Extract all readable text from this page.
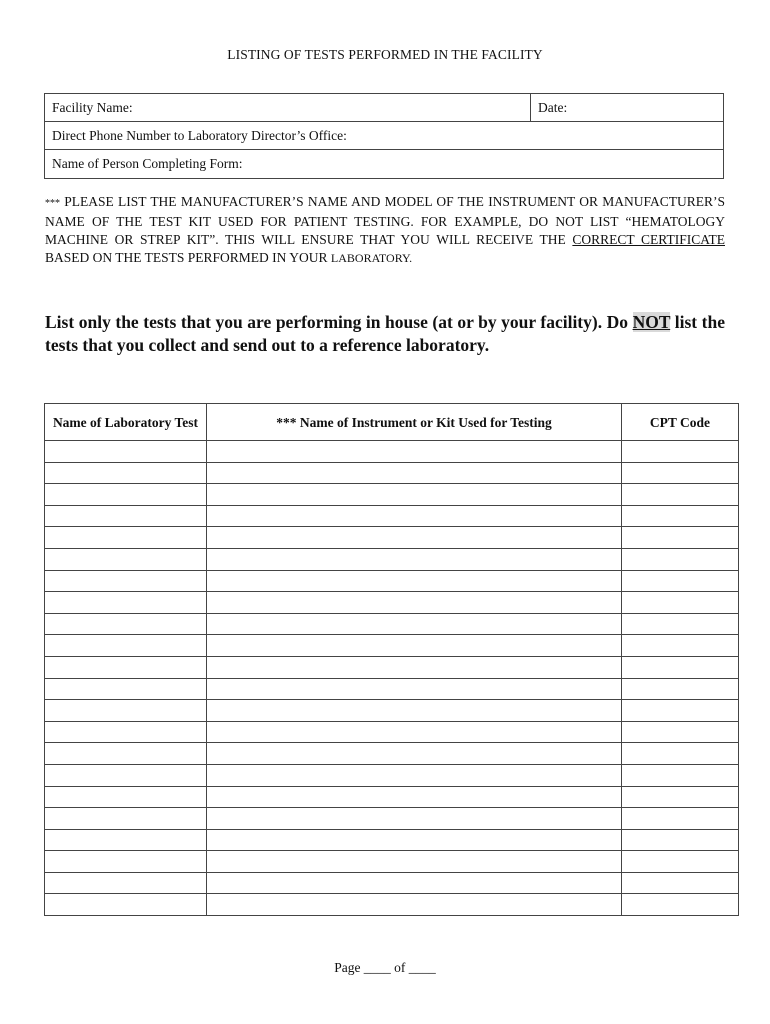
LISTING OF TESTS PERFORMED IN THE FACILITY
Facility Name:	Date:
Direct Phone Number to Laboratory Director’s Office:
Name of Person Completing Form:
*** PLEASE LIST THE MANUFACTURER’S NAME AND MODEL OF THE INSTRUMENT OR MANUFACTURER’S NAME OF THE TEST KIT USED FOR PATIENT TESTING. FOR EXAMPLE, DO NOT LIST “HEMATOLOGY MACHINE OR STREP KIT”. THIS WILL ENSURE THAT YOU WILL RECEIVE THE CORRECT CERTIFICATE BASED ON THE TESTS PERFORMED IN YOUR LABORATORY.
List only the tests that you are performing in house (at or by your facility). Do NOT list the tests that you collect and send out to a reference laboratory.
Name of Laboratory Test	*** Name of Instrument or Kit Used for Testing	CPT Code

Page ____ of ____
